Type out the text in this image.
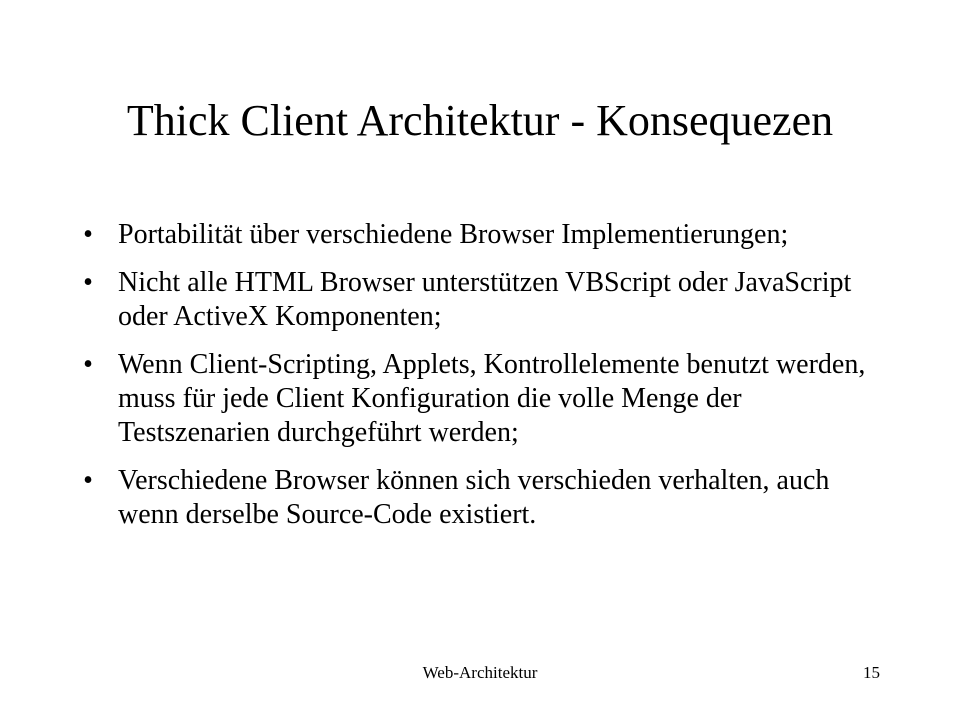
Thick Client Architektur - Konsequezen
• Portabilität über verschiedene Browser Implementierungen;
• Nicht alle HTML Browser unterstützen VBScript oder JavaScript oder ActiveX Komponenten;
• Wenn Client-Scripting, Applets, Kontrollelemente benutzt werden, muss für jede Client Konfiguration die volle Menge der Testszenarien durchgeführt werden;
• Verschiedene Browser können sich verschieden verhalten, auch wenn derselbe Source-Code existiert.
Web-Architektur	15
